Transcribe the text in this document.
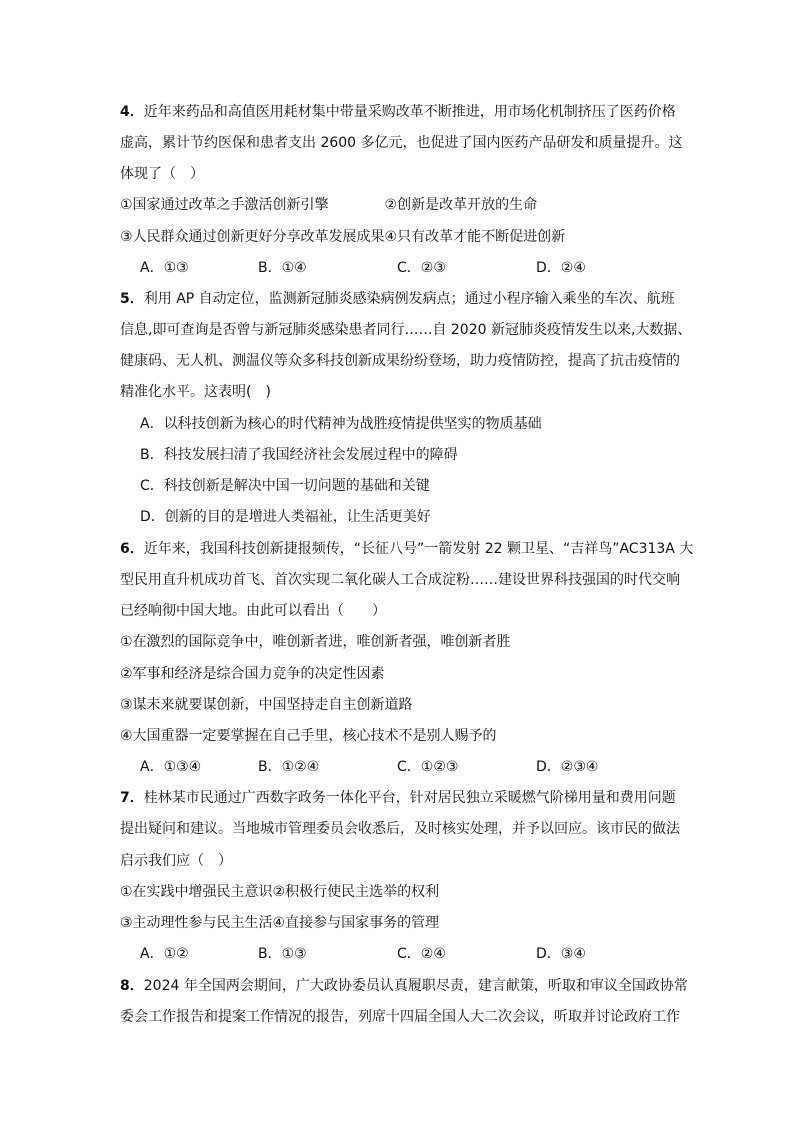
4．近年来药品和高值医用耗材集中带量采购改革不断推进，用市场化机制挤压了医药价格
虚高，累计节约医保和患者支出 2600 多亿元，也促进了国内医药产品研发和质量提升。这
体现了（　）
①国家通过改革之手激活创新引擎　　　　②创新是改革开放的生命
③人民群众通过创新更好分享改革发展成果④只有改革才能不断促进创新
A．①③	B．①④	C．②③	D．②④
5．利用 AP 自动定位，监测新冠肺炎感染病例发病点；通过小程序输入乘坐的车次、航班
信息,即可查询是否曾与新冠肺炎感染患者同行……自 2020 新冠肺炎疫情发生以来,大数据、
健康码、无人机、测温仪等众多科技创新成果纷纷登场，助力疫情防控，提高了抗击疫情的
精准化水平。这表明(　)
A．以科技创新为核心的时代精神为战胜疫情提供坚实的物质基础
B．科技发展扫清了我国经济社会发展过程中的障碍
C．科技创新是解决中国一切问题的基础和关键
D．创新的目的是增进人类福祉，让生活更美好
6．近年来，我国科技创新捷报频传，“长征八号”一箭发射 22 颗卫星、“吉祥鸟”AC313A 大
型民用直升机成功首飞、首次实现二氧化碳人工合成淀粉……建设世界科技强国的时代交响
已经响彻中国大地。由此可以看出（　　）
①在激烈的国际竞争中，唯创新者进，唯创新者强，唯创新者胜
②军事和经济是综合国力竞争的决定性因素
③谋未来就要谋创新，中国坚持走自主创新道路
④大国重器一定要掌握在自己手里，核心技术不是别人赐予的
A．①③④	B．①②④	C．①②③	D．②③④
7．桂林某市民通过广西数字政务一体化平台，针对居民独立采暖燃气阶梯用量和费用问题
提出疑问和建议。当地城市管理委员会收悉后，及时核实处理，并予以回应。该市民的做法
启示我们应（　）
①在实践中增强民主意识②积极行使民主选举的权利
③主动理性参与民主生活④直接参与国家事务的管理
A．①②	B．①③	C．②④	D．③④
8．2024 年全国两会期间，广大政协委员认真履职尽责，建言献策，听取和审议全国政协常
委会工作报告和提案工作情况的报告，列席十四届全国人大二次会议，听取并讨论政府工作
